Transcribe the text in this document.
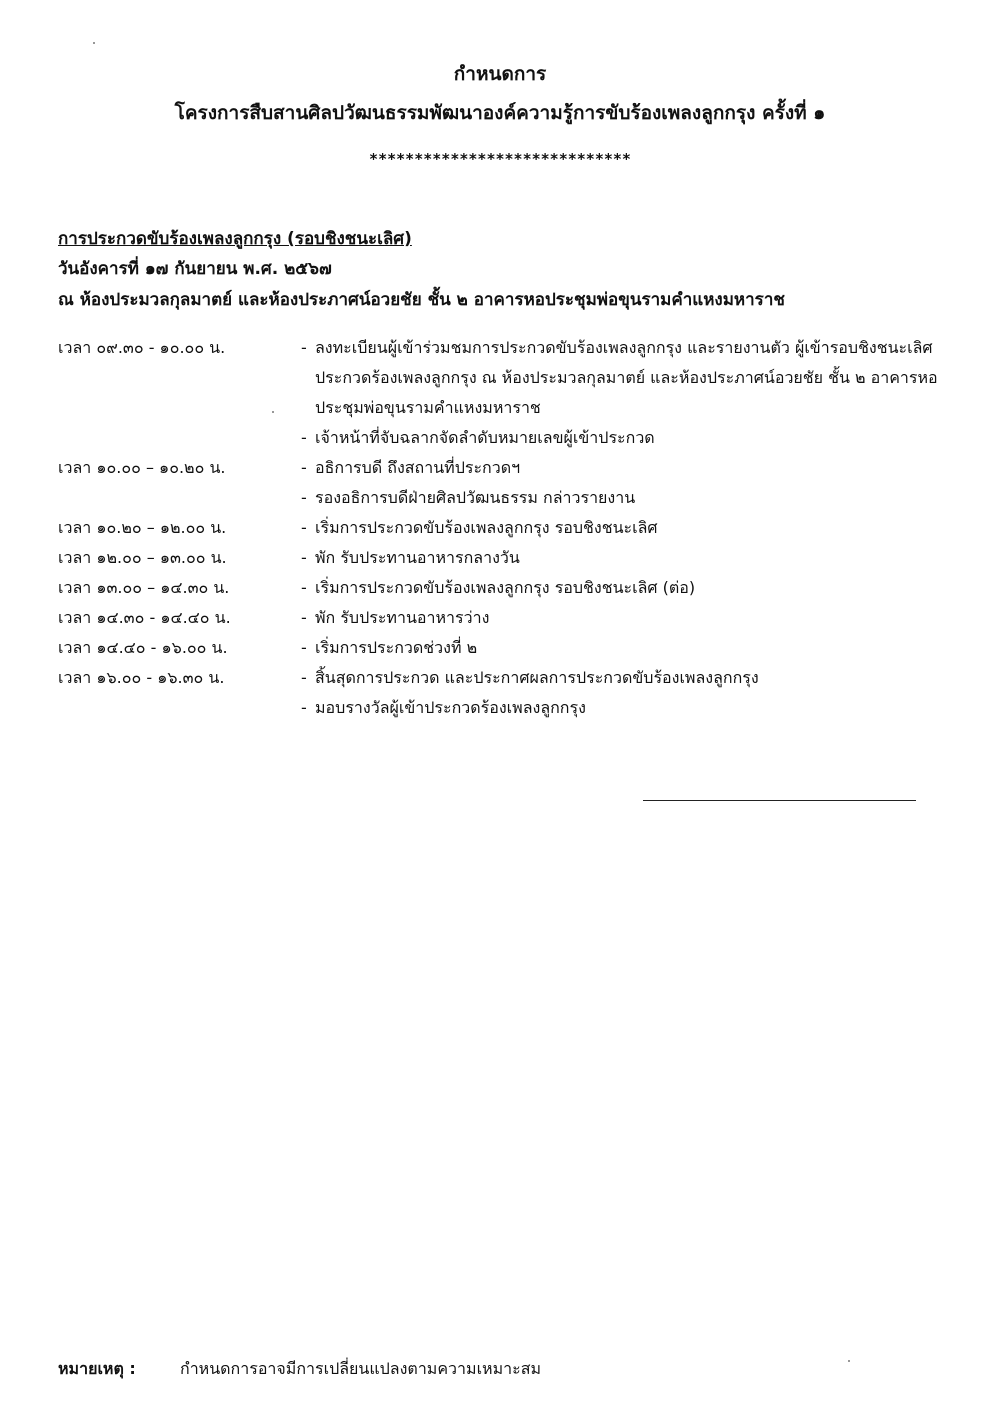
กำหนดการ
โครงการสืบสานศิลปวัฒนธรรมพัฒนาองค์ความรู้การขับร้องเพลงลูกกรุง ครั้งที่ ๑
*****************************
การประกวดขับร้องเพลงลูกกรุง (รอบชิงชนะเลิศ)
วันอังคารที่ ๑๗ กันยายน พ.ศ. ๒๕๖๗
ณ ห้องประมวลกุลมาตย์ และห้องประภาศน์อวยชัย ชั้น ๒ อาคารหอประชุมพ่อขุนรามคำแหงมหาราช
เวลา ๐๙.๓๐ - ๑๐.๐๐ น.	- ลงทะเบียนผู้เข้าร่วมชมการประกวดขับร้องเพลงลูกกรุง และรายงานตัว ผู้เข้ารอบชิงชนะเลิศประกวดร้องเพลงลูกกรุง ณ ห้องประมวลกุลมาตย์ และห้องประภาศน์อวยชัย ชั้น ๒ อาคารหอประชุมพ่อขุนรามคำแหงมหาราช
- เจ้าหน้าที่จับฉลากจัดลำดับหมายเลขผู้เข้าประกวด
เวลา ๑๐.๐๐ – ๑๐.๒๐ น.	- อธิการบดี ถึงสถานที่ประกวดฯ
- รองอธิการบดีฝ่ายศิลปวัฒนธรรม กล่าวรายงาน
เวลา ๑๐.๒๐ – ๑๒.๐๐ น.	- เริ่มการประกวดขับร้องเพลงลูกกรุง รอบชิงชนะเลิศ
เวลา ๑๒.๐๐ – ๑๓.๐๐ น.	- พัก รับประทานอาหารกลางวัน
เวลา ๑๓.๐๐ – ๑๔.๓๐ น.	- เริ่มการประกวดขับร้องเพลงลูกกรุง รอบชิงชนะเลิศ (ต่อ)
เวลา ๑๔.๓๐ - ๑๔.๔๐ น.	- พัก รับประทานอาหารว่าง
เวลา ๑๔.๔๐ - ๑๖.๐๐ น.	- เริ่มการประกวดช่วงที่ ๒
เวลา ๑๖.๐๐ - ๑๖.๓๐ น.	- สิ้นสุดการประกวด และประกาศผลการประกวดขับร้องเพลงลูกกรุง
- มอบรางวัลผู้เข้าประกวดร้องเพลงลูกกรุง
หมายเหตุ :	กำหนดการอาจมีการเปลี่ยนแปลงตามความเหมาะสม
